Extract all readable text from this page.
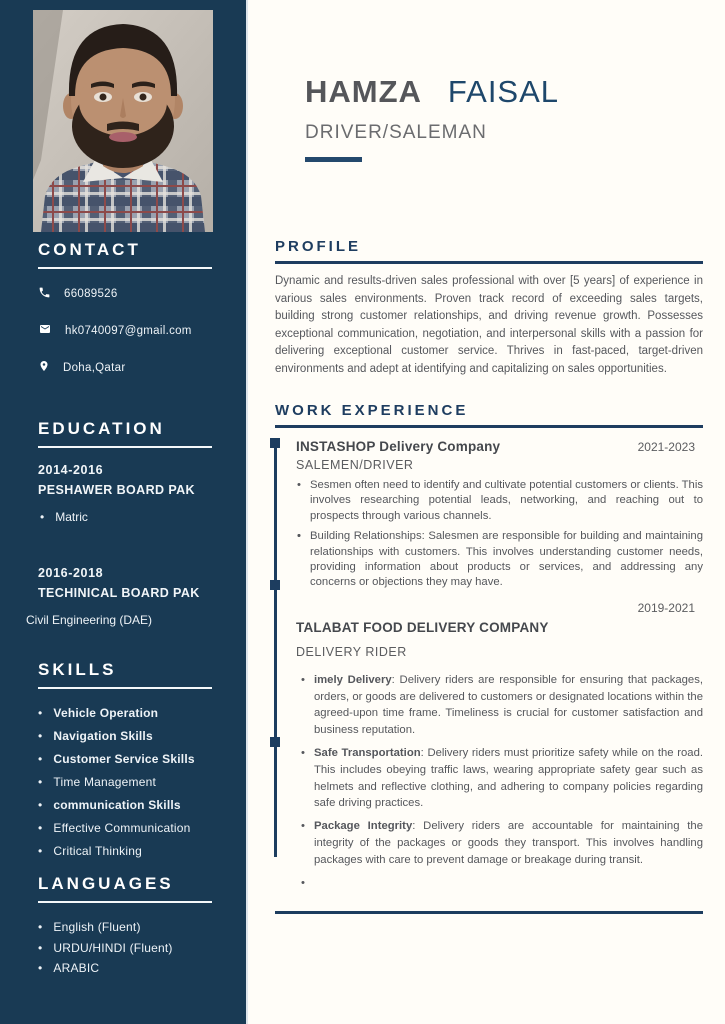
CONTACT
66089526
hk0740097@gmail.com
Doha,Qatar
EDUCATION
2014-2016
PESHAWER BOARD PAK
• Matric
2016-2018
TECHINICAL BOARD PAK
Civil Engineering (DAE)
SKILLS
• Vehicle Operation
• Navigation Skills
• Customer Service Skills
• Time Management
• communication Skills
• Effective Communication
• Critical Thinking
LANGUAGES
• English (Fluent)
• URDU/HINDI (Fluent)
• ARABIC
HAMZA FAISAL
DRIVER/SALEMAN
PROFILE

Dynamic and results-driven sales professional with over [5 years] of experience in various sales environments. Proven track record of exceeding sales targets, building strong customer relationships, and driving revenue growth. Possesses exceptional communication, negotiation, and interpersonal skills with a passion for delivering exceptional customer service. Thrives in fast-paced, target-driven environments and adept at identifying and capitalizing on sales opportunities.

WORK EXPERIENCE
INSTASHOP Delivery Company	2021-2023
SALEMEN/DRIVER
• Sesmen often need to identify and cultivate potential customers or clients. This involves researching potential leads, networking, and reaching out to prospects through various channels.
• Building Relationships: Salesmen are responsible for building and maintaining relationships with customers. This involves understanding customer needs, providing information about products or services, and addressing any concerns or objections they may have.
2019-2021
TALABAT FOOD DELIVERY COMPANY
DELIVERY RIDER
• imely Delivery: Delivery riders are responsible for ensuring that packages, orders, or goods are delivered to customers or designated locations within the agreed-upon time frame. Timeliness is crucial for customer satisfaction and business reputation.
• Safe Transportation: Delivery riders must prioritize safety while on the road. This includes obeying traffic laws, wearing appropriate safety gear such as helmets and reflective clothing, and adhering to company policies regarding safe driving practices.
• Package Integrity: Delivery riders are accountable for maintaining the integrity of the packages or goods they transport. This involves handling packages with care to prevent damage or breakage during transit.
